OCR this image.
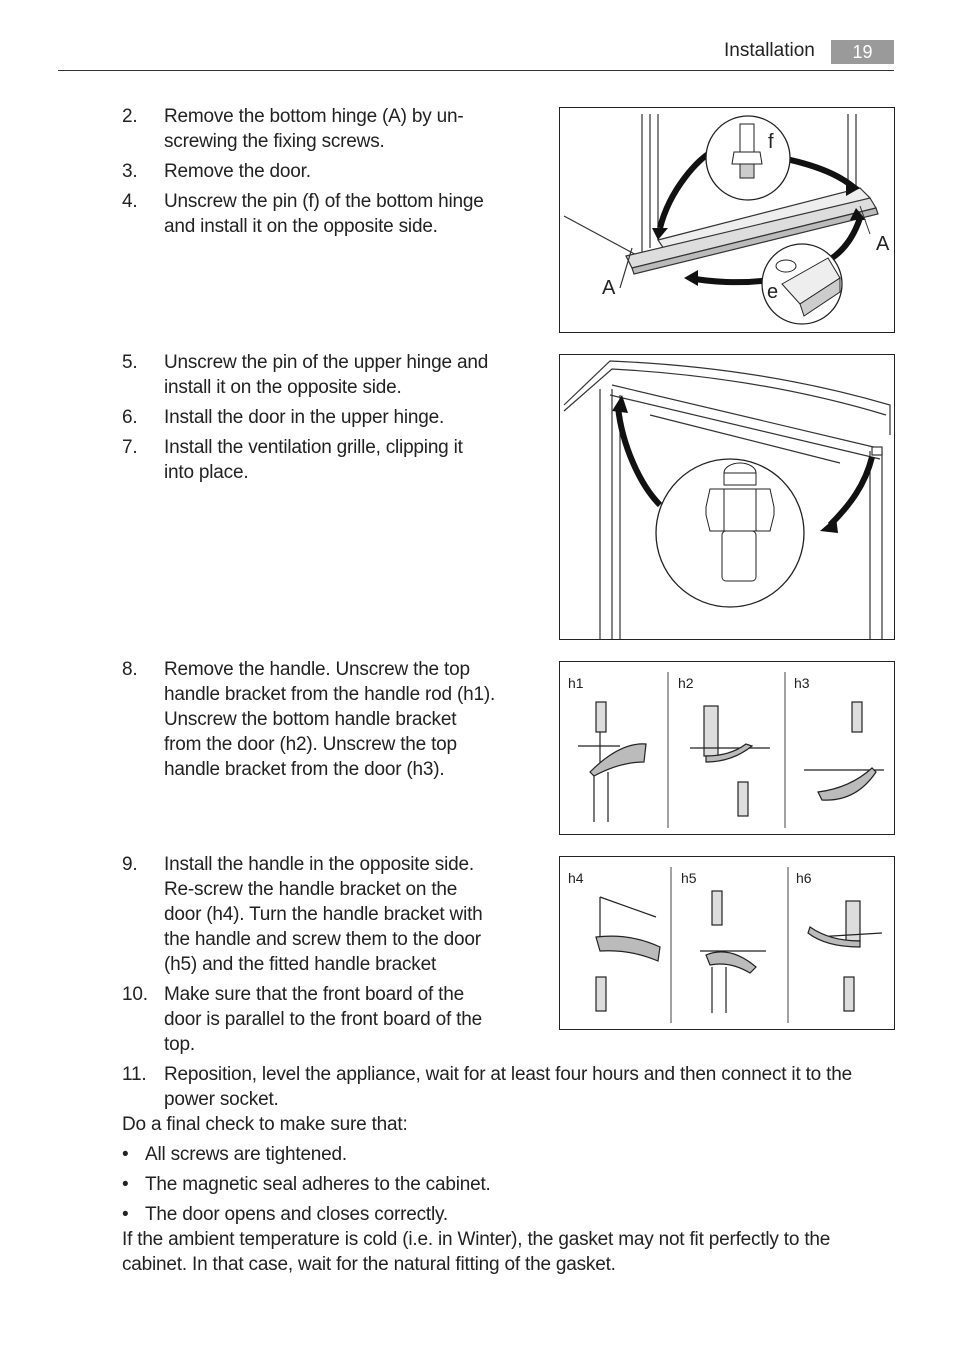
Installation	19
2. Remove the bottom hinge (A) by un-
screwing the fixing screws.
3. Remove the door.
4. Unscrew the pin (f) of the bottom hinge
and install it on the opposite side.
5. Unscrew the pin of the upper hinge and
install it on the opposite side.
6. Install the door in the upper hinge.
7. Install the ventilation grille, clipping it
into place.
8. Remove the handle. Unscrew the top
handle bracket from the handle rod (h1).
Unscrew the bottom handle bracket
from the door (h2). Unscrew the top
handle bracket from the door (h3).
9. Install the handle in the opposite side.
Re-screw the handle bracket on the
door (h4). Turn the handle bracket with
the handle and screw them to the door
(h5) and the fitted handle bracket
10. Make sure that the front board of the
door is parallel to the front board of the
top.
11. Reposition, level the appliance, wait for at least four hours and then connect it to the
power socket.
Do a final check to make sure that:
• All screws are tightened.
• The magnetic seal adheres to the cabinet.
• The door opens and closes correctly.
If the ambient temperature is cold (i.e. in Winter), the gasket may not fit perfectly to the
cabinet. In that case, wait for the natural fitting of the gasket.
f
A
A	e
h1	h2	h3
h4	h5	h6
